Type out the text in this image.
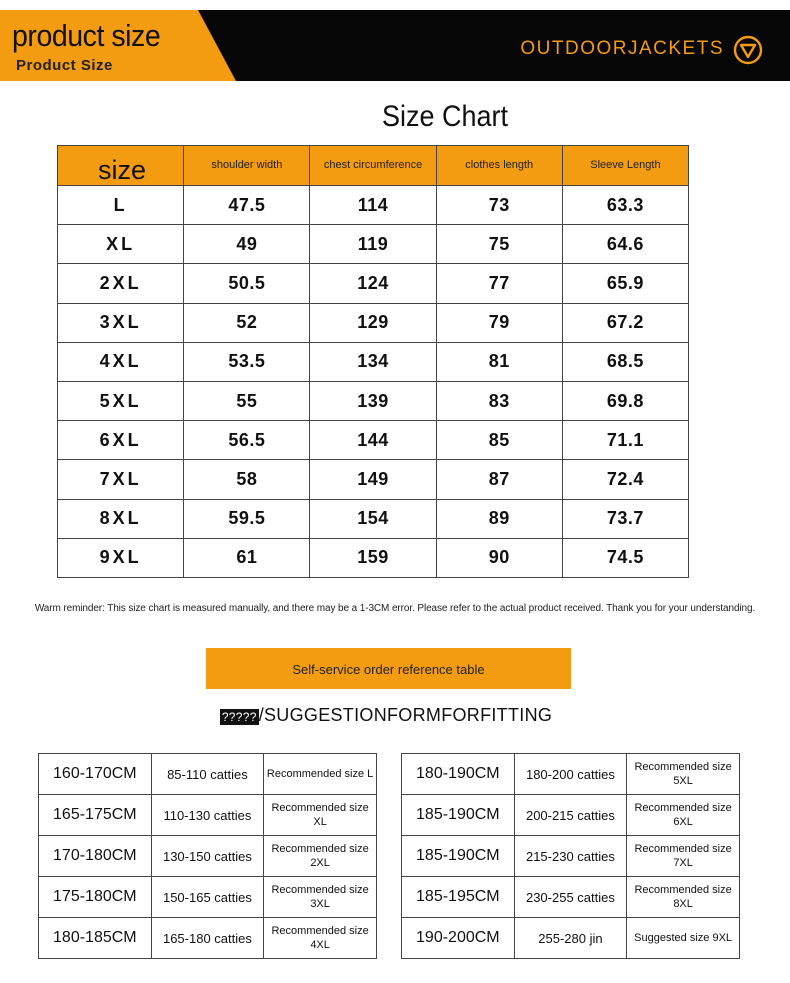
product size
Product Size
OUTDOORJACKETS
Size Chart
size	shoulder width	chest circumference	clothes length	Sleeve Length
L	47.5	114	73	63.3
XL	49	119	75	64.6
2XL	50.5	124	77	65.9
3XL	52	129	79	67.2
4XL	53.5	134	81	68.5
5XL	55	139	83	69.8
6XL	56.5	144	85	71.1
7XL	58	149	87	72.4
8XL	59.5	154	89	73.7
9XL	61	159	90	74.5
Warm reminder: This size chart is measured manually, and there may be a 1-3CM error. Please refer to the actual product received. Thank you for your understanding.
Self-service order reference table
????? /SUGGESTIONFORMFORFITTING
160-170CM	85-110 catties	Recommended size L
165-175CM	110-130 catties	Recommended size XL
170-180CM	130-150 catties	Recommended size 2XL
175-180CM	150-165 catties	Recommended size 3XL
180-185CM	165-180 catties	Recommended size 4XL
180-190CM	180-200 catties	Recommended size 5XL
185-190CM	200-215 catties	Recommended size 6XL
185-190CM	215-230 catties	Recommended size 7XL
185-195CM	230-255 catties	Recommended size 8XL
190-200CM	255-280 jin	Suggested size 9XL
